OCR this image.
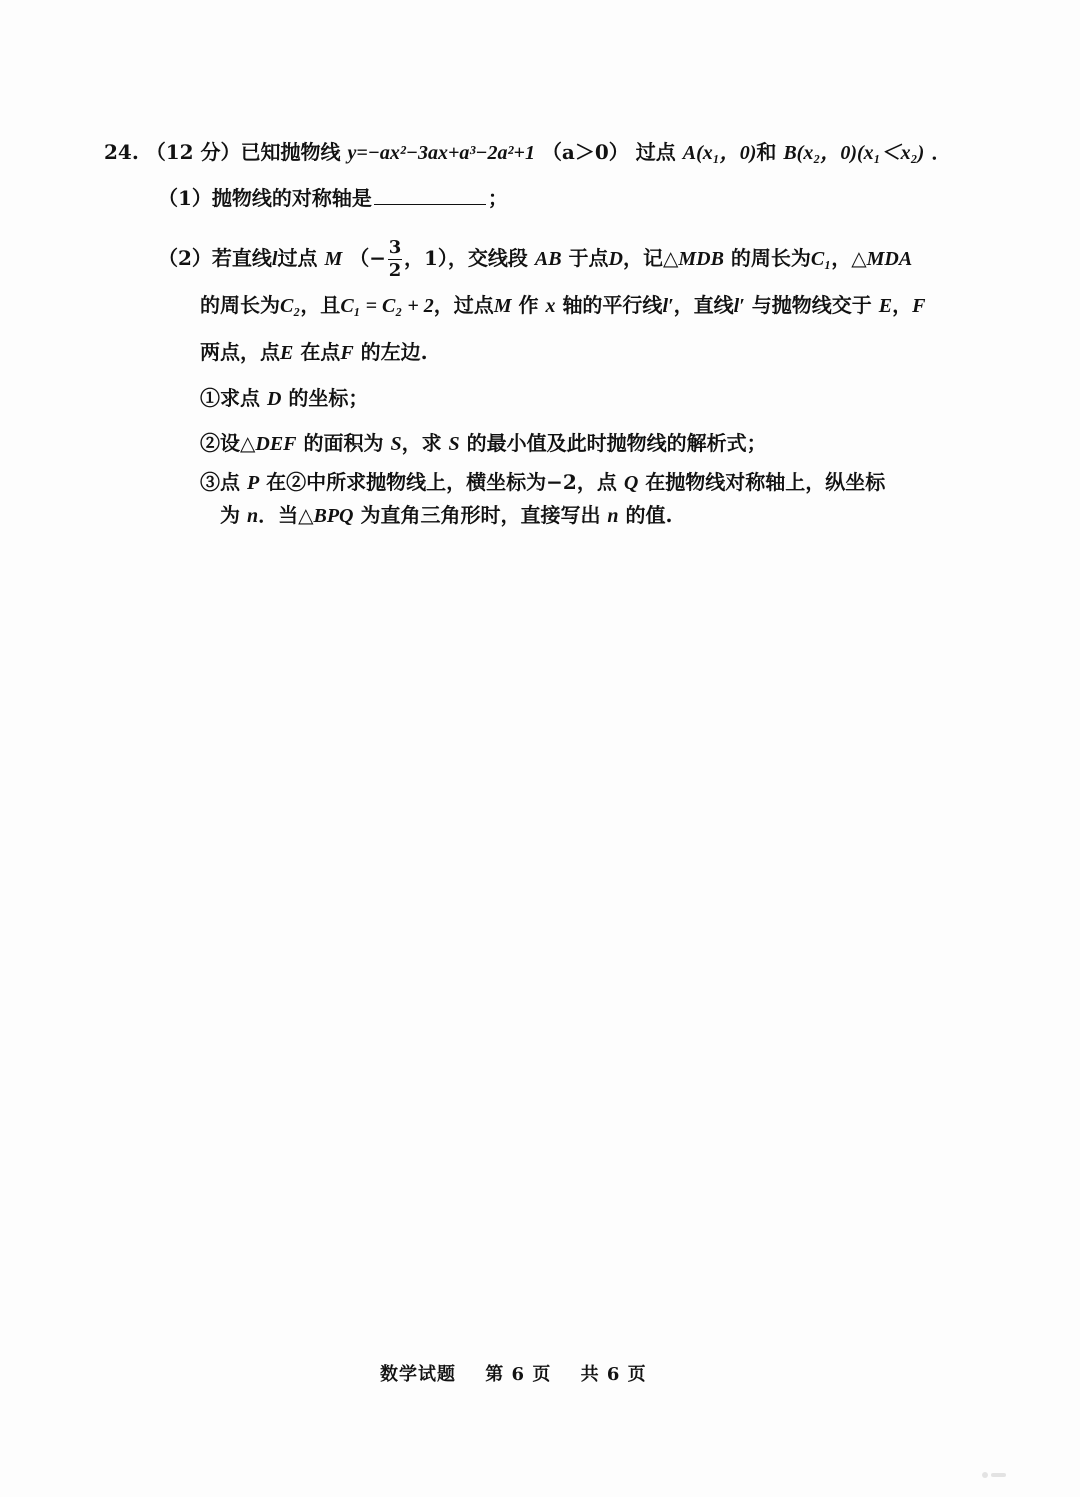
24. （12 分）已知抛物线 y=−ax²−3ax+a³−2a²+1 （a＞0） 过点 A(x₁，0)和 B(x₂，0)(x₁＜x₂) ．
（1）抛物线的对称轴是	；
（2）若直线l过点 M （− $\frac{3}{2}$ ，1），交线段 AB 于点D，记△MDB 的周长为C₁，△MDA
的周长为C₂，且C₁ = C₂ + 2，过点M 作 x 轴的平行线l′，直线l′ 与抛物线交于 E，F
两点，点E 在点F 的左边.
①求点 D 的坐标；
②设△DEF 的面积为 S，求 S 的最小值及此时抛物线的解析式；
③点 P 在②中所求抛物线上，横坐标为−2，点 Q 在抛物线对称轴上，纵坐标
为 n．当△BPQ 为直角三角形时，直接写出 n 的值.
数学试题 第 6 页 共 6 页
